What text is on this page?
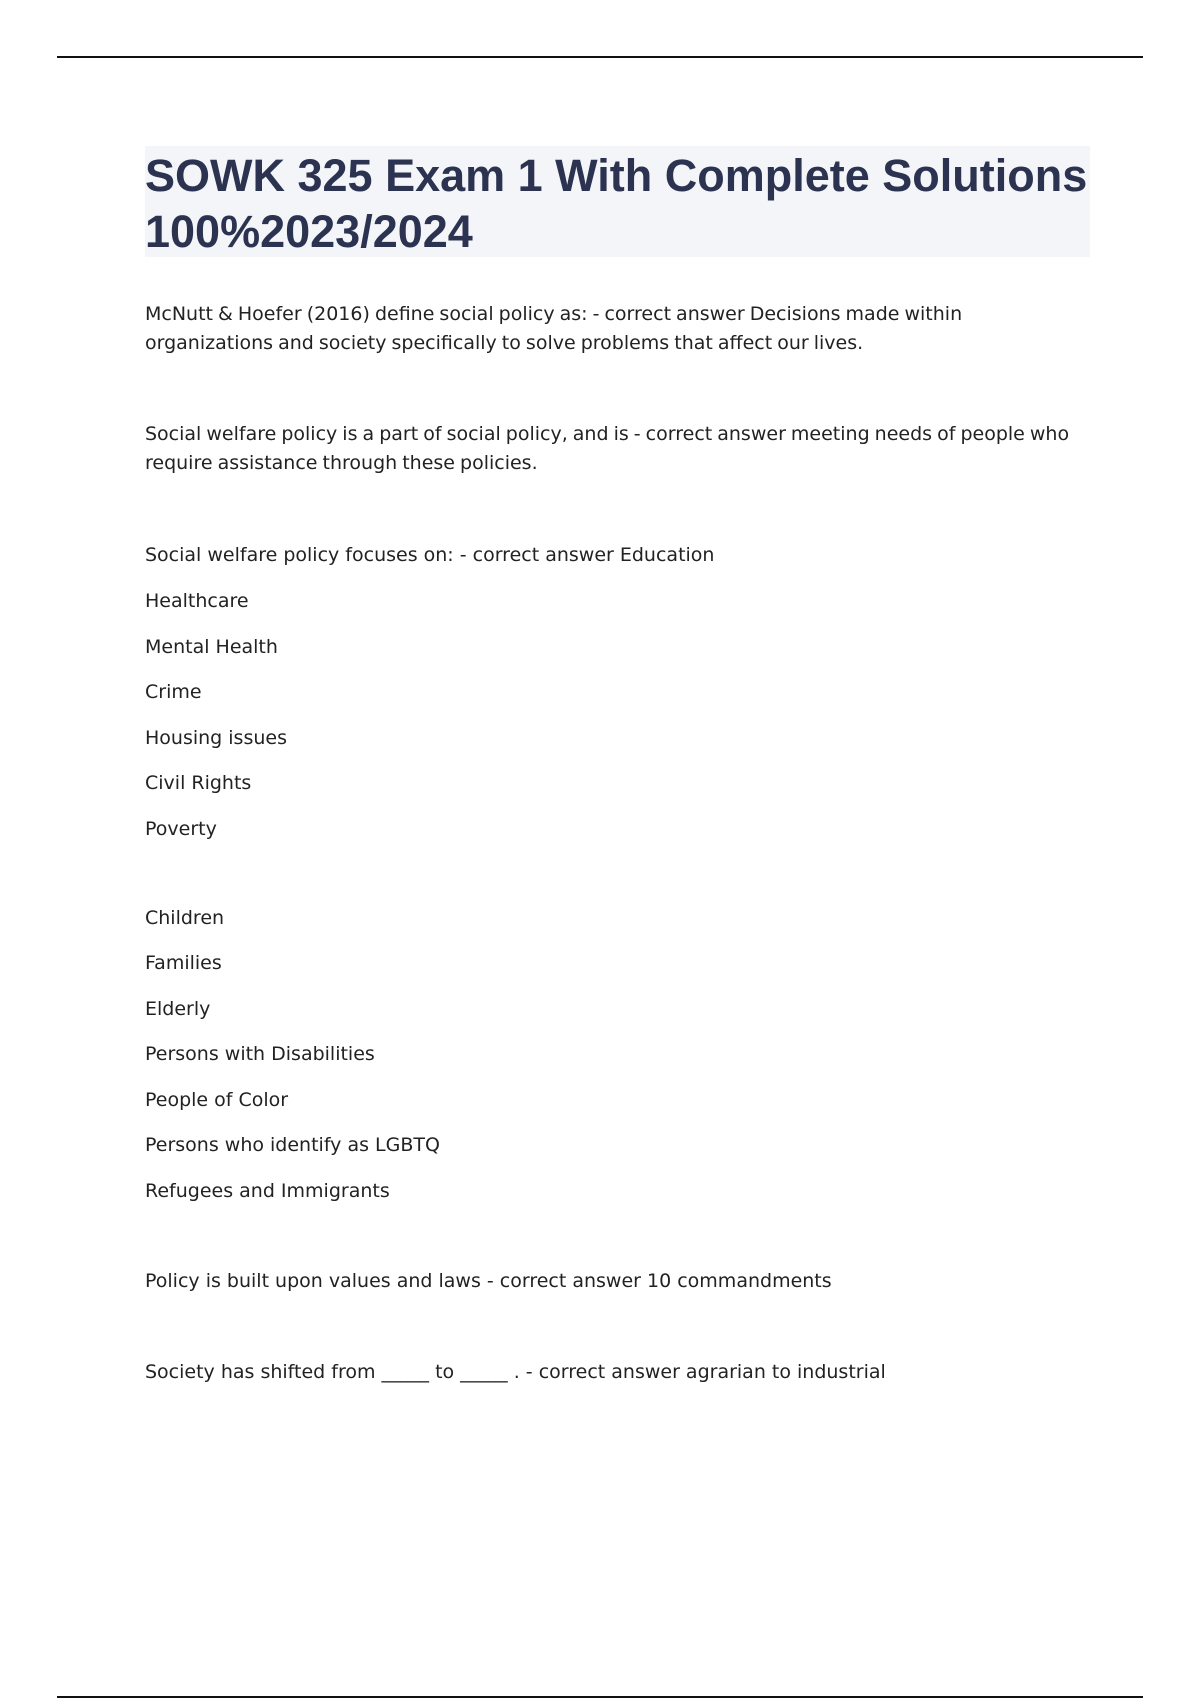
SOWK 325 Exam 1 With Complete Solutions 100%2023/2024

McNutt & Hoefer (2016) define social policy as: - correct answer Decisions made within organizations and society specifically to solve problems that affect our lives.

Social welfare policy is a part of social policy, and is - correct answer meeting needs of people who require assistance through these policies.

Social welfare policy focuses on: - correct answer Education

Healthcare

Mental Health

Crime

Housing issues

Civil Rights

Poverty

Children

Families

Elderly

Persons with Disabilities

People of Color

Persons who identify as LGBTQ

Refugees and Immigrants

Policy is built upon values and laws - correct answer 10 commandments

Society has shifted from _____ to _____ . - correct answer agrarian to industrial
